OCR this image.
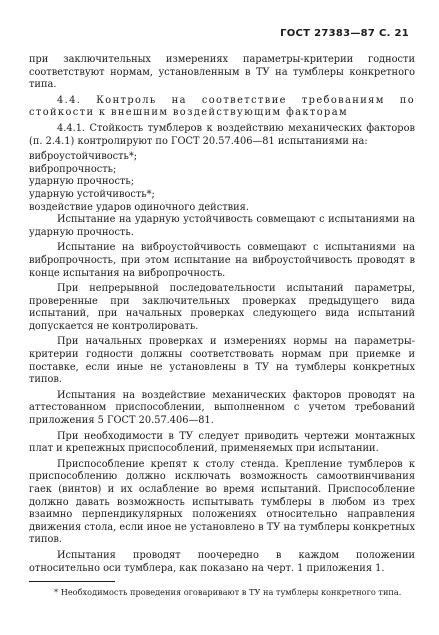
ГОСТ 27383—87 С. 21

при заключительных измерениях параметры-критерии годности соответствуют нормам, установленным в ТУ на тумблеры конкретного типа.

4.4. Контроль на соответствие требованиям по стойкости к внешним воздействующим факторам

4.4.1. Стойкость тумблеров к воздействию механических факторов (п. 2.4.1) контролируют по ГОСТ 20.57.406—81 испытаниями на:

виброустойчивость*;
вибропрочность;
ударную прочность;
ударную устойчивость*;
воздействие ударов одиночного действия.

Испытание на ударную устойчивость совмещают с испытаниями на ударную прочность.

Испытание на виброустойчивость совмещают с испытаниями на вибропрочность, при этом испытание на виброустойчивость проводят в конце испытания на вибропрочность.

При непрерывной последовательности испытаний параметры, проверенные при заключительных проверках предыдущего вида испытаний, при начальных проверках следующего вида испытаний допускается не контролировать.

При начальных проверках и измерениях нормы на параметры-критерии годности должны соответствовать нормам при приемке и поставке, если иные не установлены в ТУ на тумблеры конкретных типов.

Испытания на воздействие механических факторов проводят на аттестованном приспособлении, выполненном с учетом требований приложения 5 ГОСТ 20.57.406—81.

При необходимости в ТУ следует приводить чертежи монтажных плат и крепежных приспособлений, применяемых при испытании.

Приспособление крепят к столу стенда. Крепление тумблеров к приспособлению должно исключать возможность самоотвинчивания гаек (винтов) и их ослабление во время испытаний. Приспособление должно давать возможность испытывать тумблеры в любом из трех взаимно перпендикулярных положениях относительно направления движения стола, если иное не установлено в ТУ на тумблеры конкретных типов.

Испытания проводят поочередно в каждом положении относительно оси тумблера, как показано на черт. 1 приложения 1.

* Необходимость проведения оговаривают в ТУ на тумблеры конкретного типа.
